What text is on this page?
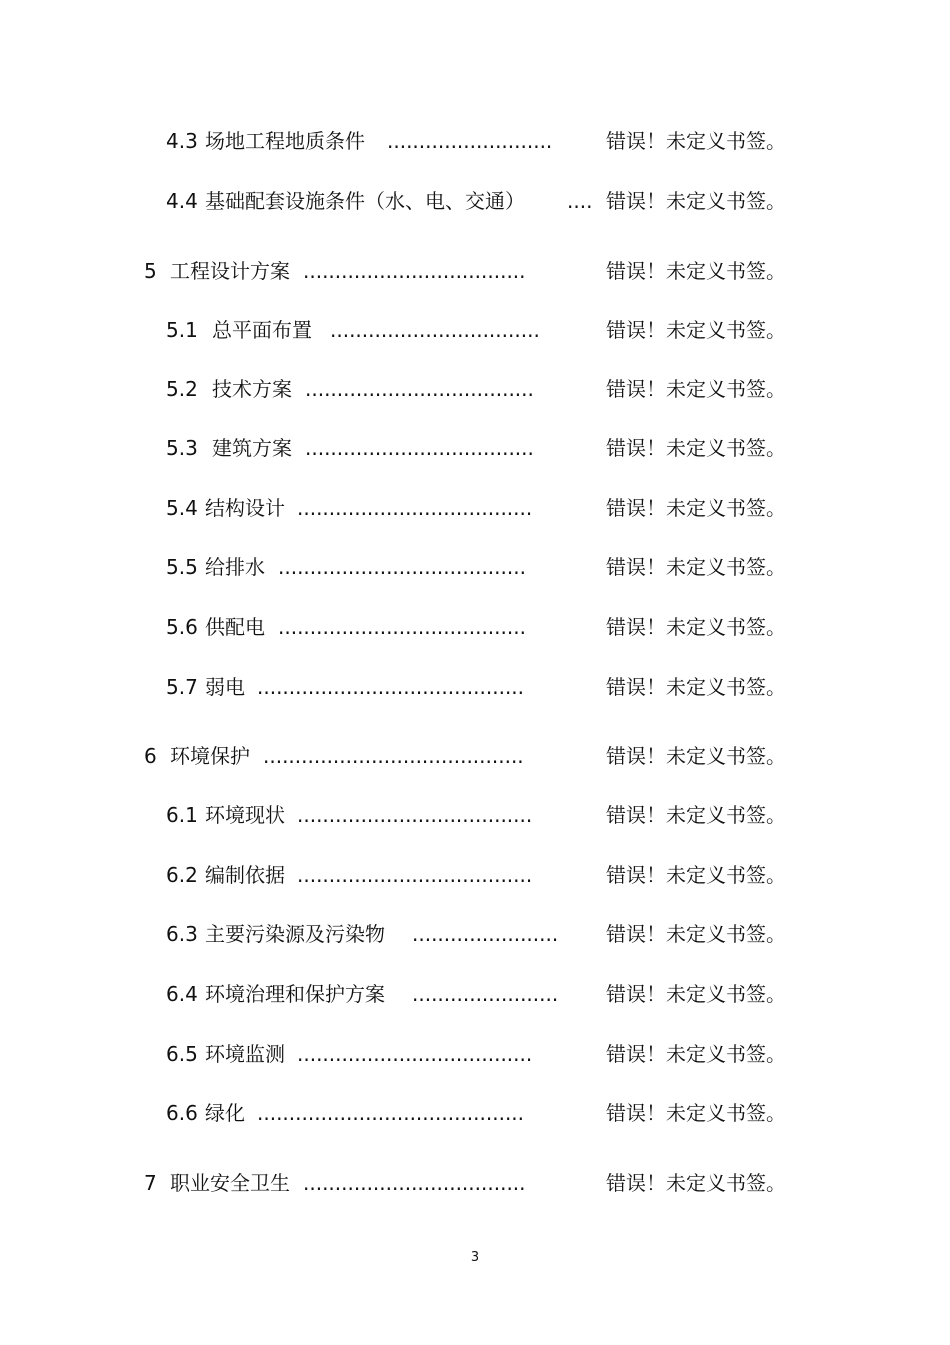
4.3 场地工程地质条件 ..........................	错误！未定义书签。
4.4 基础配套设施条件（水、电、交通） .... 错误！未定义书签。
5 工程设计方案 ...................................	错误！未定义书签。
5.1 总平面布置 .................................	错误！未定义书签。
5.2 技术方案 ....................................	错误！未定义书签。
5.3 建筑方案 ....................................	错误！未定义书签。
5.4 结构设计 .....................................	错误！未定义书签。
5.5 给排水 .......................................	错误！未定义书签。
5.6 供配电 .......................................	错误！未定义书签。
5.7 弱电 ..........................................	错误！未定义书签。
6 环境保护 .........................................	错误！未定义书签。
6.1 环境现状 .....................................	错误！未定义书签。
6.2 编制依据 .....................................	错误！未定义书签。
6.3 主要污染源及污染物 ....................... 错误！未定义书签。
6.4 环境治理和保护方案 ....................... 错误！未定义书签。
6.5 环境监测 .....................................	错误！未定义书签。
6.6 绿化 ..........................................	错误！未定义书签。
7 职业安全卫生 ...................................	错误！未定义书签。
3
